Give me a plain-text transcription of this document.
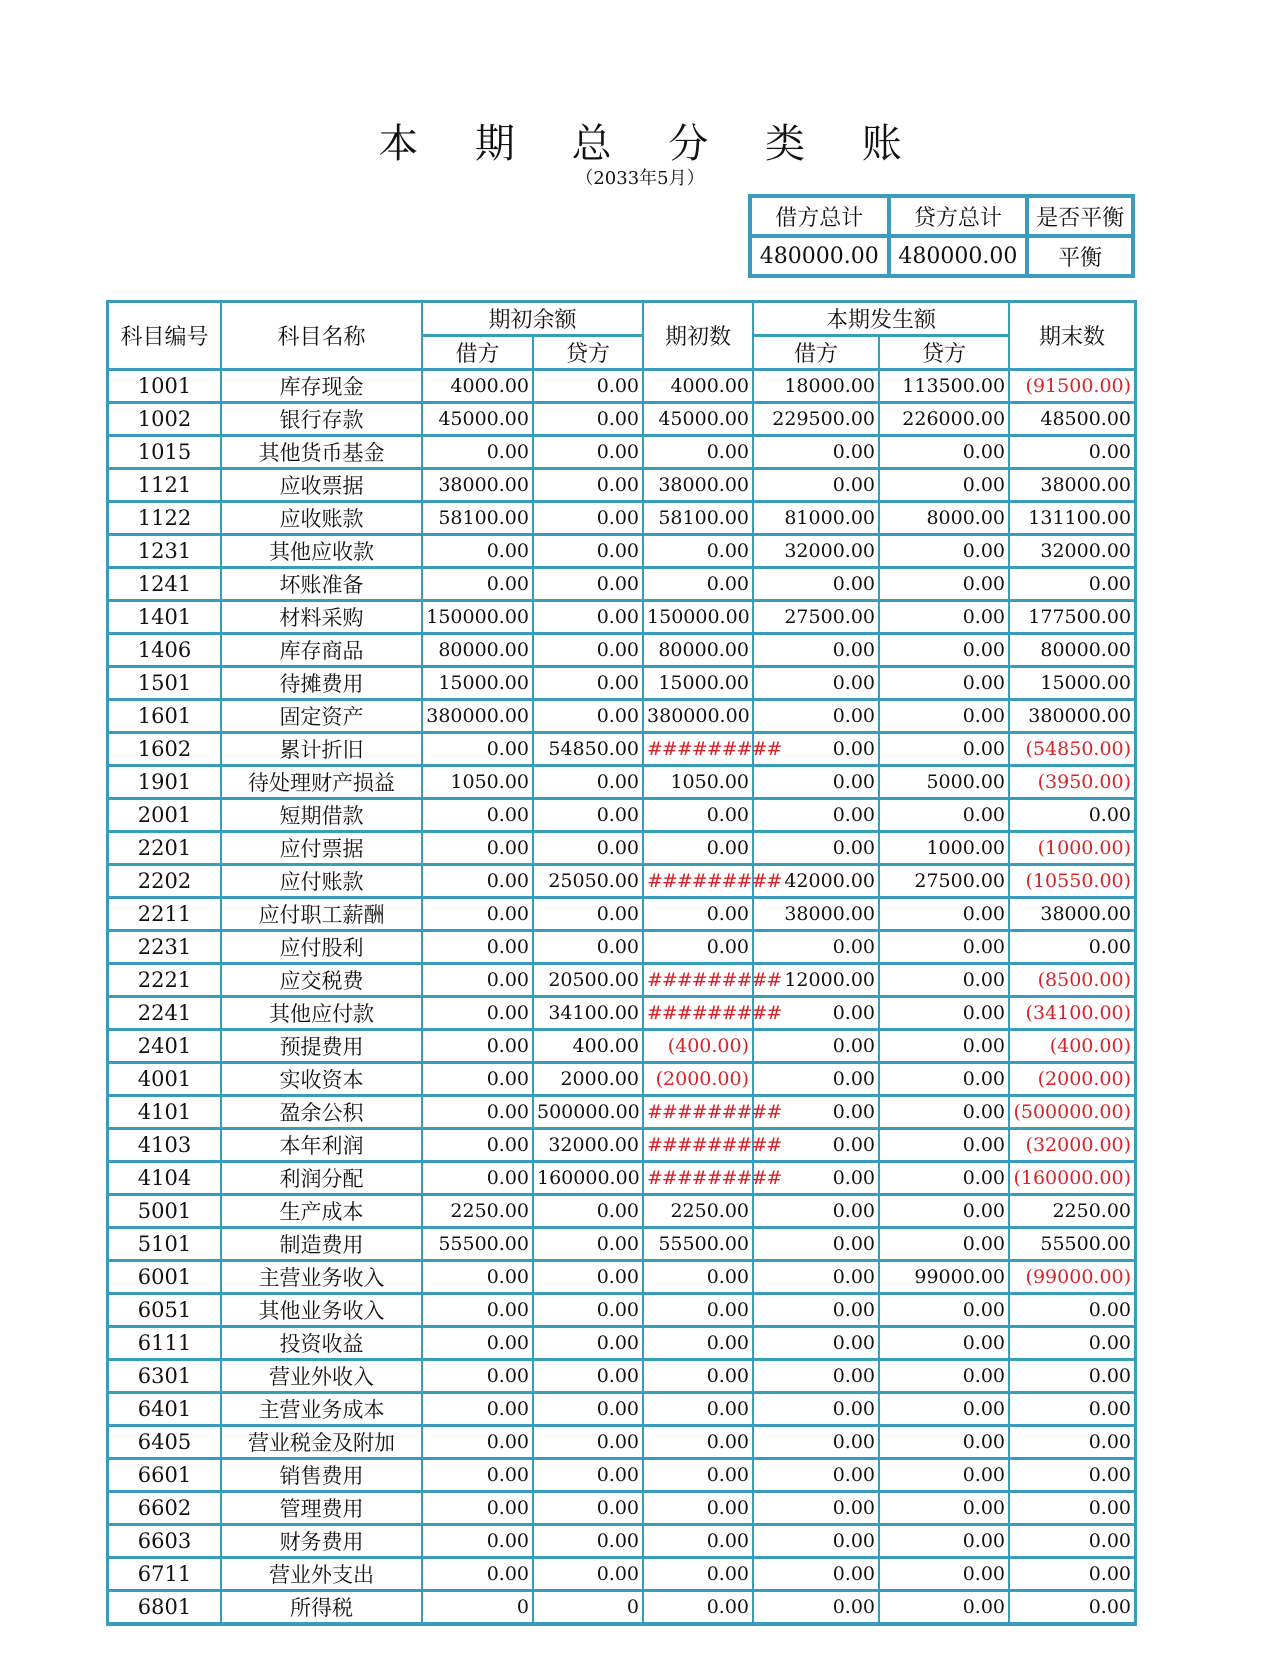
本 期 总 分 类 账
（2033年5月）
借方总计	贷方总计	是否平衡
480000.00	480000.00	平衡
科目编号	科目名称	期初余额		期初数	本期发生额		期末数
		借方	贷方		借方	贷方	
1001	库存现金	4000.00	0.00	4000.00	18000.00	113500.00	(91500.00)
1002	银行存款	45000.00	0.00	45000.00	229500.00	226000.00	48500.00
1015	其他货币基金	0.00	0.00	0.00	0.00	0.00	0.00
1121	应收票据	38000.00	0.00	38000.00	0.00	0.00	38000.00
1122	应收账款	58100.00	0.00	58100.00	81000.00	8000.00	131100.00
1231	其他应收款	0.00	0.00	0.00	32000.00	0.00	32000.00
1241	坏账准备	0.00	0.00	0.00	0.00	0.00	0.00
1401	材料采购	150000.00	0.00	150000.00	27500.00	0.00	177500.00
1406	库存商品	80000.00	0.00	80000.00	0.00	0.00	80000.00
1501	待摊费用	15000.00	0.00	15000.00	0.00	0.00	15000.00
1601	固定资产	380000.00	0.00	380000.00	0.00	0.00	380000.00
1602	累计折旧	0.00	54850.00	#########	0.00	0.00	(54850.00)
1901	待处理财产损益	1050.00	0.00	1050.00	0.00	5000.00	(3950.00)
2001	短期借款	0.00	0.00	0.00	0.00	0.00	0.00
2201	应付票据	0.00	0.00	0.00	0.00	1000.00	(1000.00)
2202	应付账款	0.00	25050.00	#########	42000.00	27500.00	(10550.00)
2211	应付职工薪酬	0.00	0.00	0.00	38000.00	0.00	38000.00
2231	应付股利	0.00	0.00	0.00	0.00	0.00	0.00
2221	应交税费	0.00	20500.00	#########	12000.00	0.00	(8500.00)
2241	其他应付款	0.00	34100.00	#########	0.00	0.00	(34100.00)
2401	预提费用	0.00	400.00	(400.00)	0.00	0.00	(400.00)
4001	实收资本	0.00	2000.00	(2000.00)	0.00	0.00	(2000.00)
4101	盈余公积	0.00	500000.00	#########	0.00	0.00	(500000.00)
4103	本年利润	0.00	32000.00	#########	0.00	0.00	(32000.00)
4104	利润分配	0.00	160000.00	#########	0.00	0.00	(160000.00)
5001	生产成本	2250.00	0.00	2250.00	0.00	0.00	2250.00
5101	制造费用	55500.00	0.00	55500.00	0.00	0.00	55500.00
6001	主营业务收入	0.00	0.00	0.00	0.00	99000.00	(99000.00)
6051	其他业务收入	0.00	0.00	0.00	0.00	0.00	0.00
6111	投资收益	0.00	0.00	0.00	0.00	0.00	0.00
6301	营业外收入	0.00	0.00	0.00	0.00	0.00	0.00
6401	主营业务成本	0.00	0.00	0.00	0.00	0.00	0.00
6405	营业税金及附加	0.00	0.00	0.00	0.00	0.00	0.00
6601	销售费用	0.00	0.00	0.00	0.00	0.00	0.00
6602	管理费用	0.00	0.00	0.00	0.00	0.00	0.00
6603	财务费用	0.00	0.00	0.00	0.00	0.00	0.00
6711	营业外支出	0.00	0.00	0.00	0.00	0.00	0.00
6801	所得税	0	0	0.00	0.00	0.00	0.00
